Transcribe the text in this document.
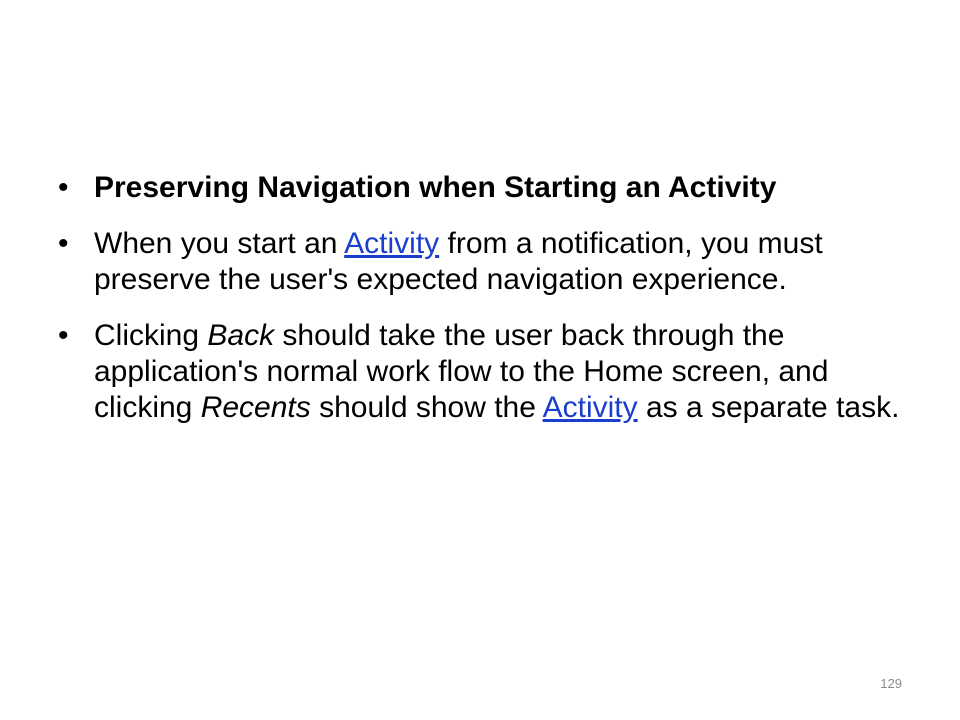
• Preserving Navigation when Starting an Activity
• When you start an Activity from a notification, you must preserve the user's expected navigation experience.
• Clicking Back should take the user back through the application's normal work flow to the Home screen, and clicking Recents should show the Activity as a separate task.
129
